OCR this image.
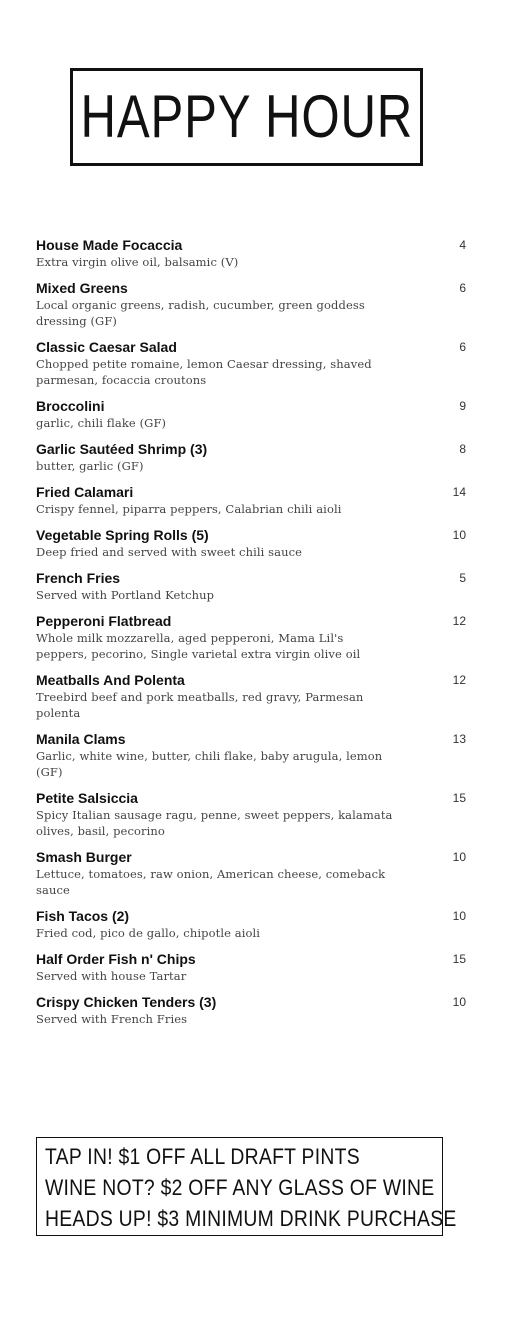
HAPPY HOUR
House Made Focaccia	4
Extra virgin olive oil, balsamic (V)
Mixed Greens	6
Local organic greens, radish, cucumber, green goddess dressing (GF)
Classic Caesar Salad	6
Chopped petite romaine, lemon Caesar dressing, shaved parmesan, focaccia croutons
Broccolini	9
garlic, chili flake (GF)
Garlic Sautéed Shrimp (3)	8
butter, garlic (GF)
Fried Calamari	14
Crispy fennel, piparra peppers, Calabrian chili aioli
Vegetable Spring Rolls (5)	10
Deep fried and served with sweet chili sauce
French Fries	5
Served with Portland Ketchup
Pepperoni Flatbread	12
Whole milk mozzarella, aged pepperoni, Mama Lil's peppers, pecorino, Single varietal extra virgin olive oil
Meatballs And Polenta	12
Treebird beef and pork meatballs, red gravy, Parmesan polenta
Manila Clams	13
Garlic, white wine, butter, chili flake, baby arugula, lemon (GF)
Petite Salsiccia	15
Spicy Italian sausage ragu, penne, sweet peppers, kalamata olives, basil, pecorino
Smash Burger	10
Lettuce, tomatoes, raw onion, American cheese, comeback sauce
Fish Tacos (2)	10
Fried cod, pico de gallo, chipotle aioli
Half Order Fish n' Chips	15
Served with house Tartar
Crispy Chicken Tenders (3)	10
Served with French Fries
TAP IN! $1 OFF ALL DRAFT PINTS
WINE NOT? $2 OFF ANY GLASS OF WINE
HEADS UP! $3 MINIMUM DRINK PURCHASE
